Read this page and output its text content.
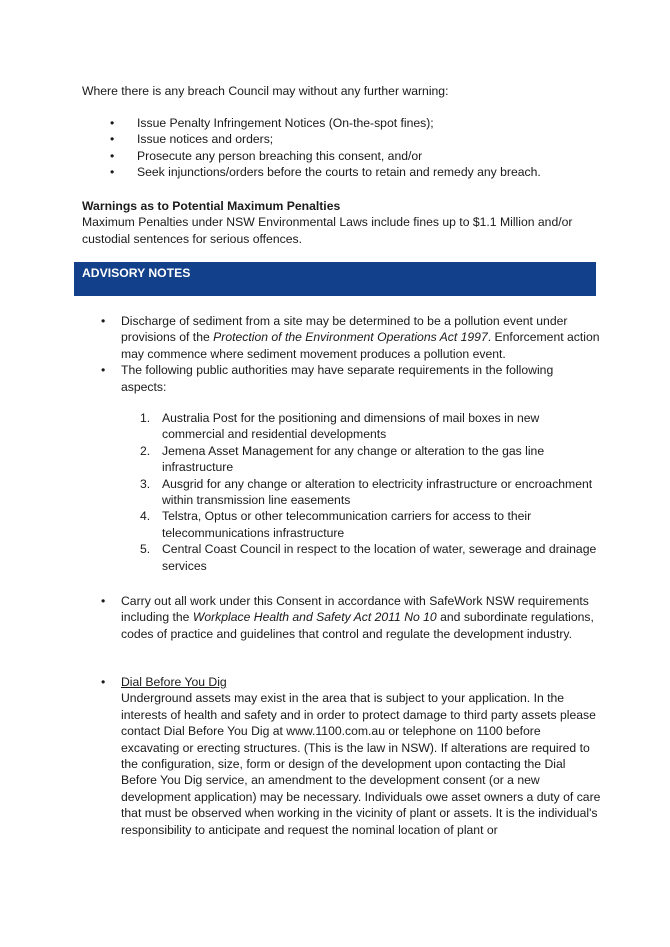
Where there is any breach Council may without any further warning:
• Issue Penalty Infringement Notices (On-the-spot fines);
• Issue notices and orders;
• Prosecute any person breaching this consent, and/or
• Seek injunctions/orders before the courts to retain and remedy any breach.
Warnings as to Potential Maximum Penalties
Maximum Penalties under NSW Environmental Laws include fines up to $1.1 Million and/or custodial sentences for serious offences.
ADVISORY NOTES
• Discharge of sediment from a site may be determined to be a pollution event under provisions of the Protection of the Environment Operations Act 1997. Enforcement action may commence where sediment movement produces a pollution event.
• The following public authorities may have separate requirements in the following aspects:
1. Australia Post for the positioning and dimensions of mail boxes in new commercial and residential developments
2. Jemena Asset Management for any change or alteration to the gas line infrastructure
3. Ausgrid for any change or alteration to electricity infrastructure or encroachment within transmission line easements
4. Telstra, Optus or other telecommunication carriers for access to their telecommunications infrastructure
5. Central Coast Council in respect to the location of water, sewerage and drainage services
• Carry out all work under this Consent in accordance with SafeWork NSW requirements including the Workplace Health and Safety Act 2011 No 10 and subordinate regulations, codes of practice and guidelines that control and regulate the development industry.
• Dial Before You Dig
Underground assets may exist in the area that is subject to your application. In the interests of health and safety and in order to protect damage to third party assets please contact Dial Before You Dig at www.1100.com.au or telephone on 1100 before excavating or erecting structures. (This is the law in NSW). If alterations are required to the configuration, size, form or design of the development upon contacting the Dial Before You Dig service, an amendment to the development consent (or a new development application) may be necessary. Individuals owe asset owners a duty of care that must be observed when working in the vicinity of plant or assets. It is the individual's responsibility to anticipate and request the nominal location of plant or
